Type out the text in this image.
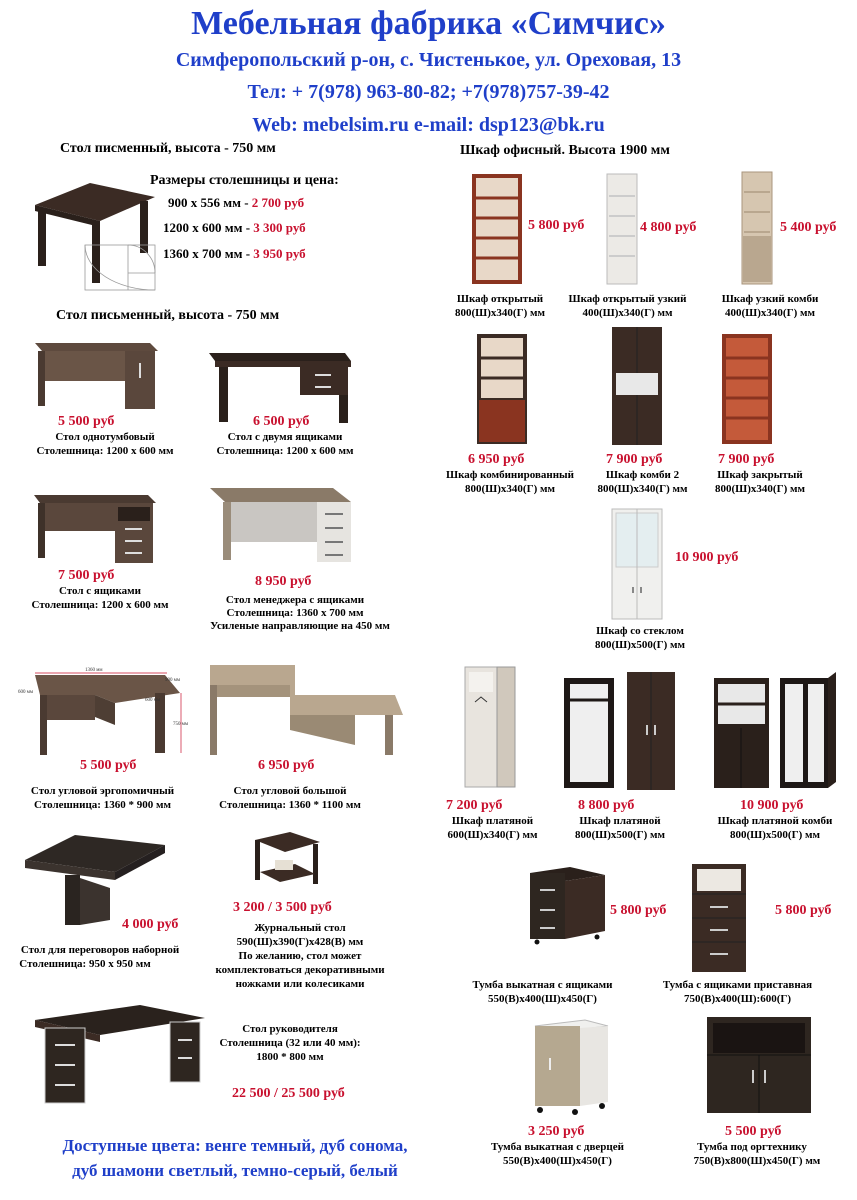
Мебельная фабрика «Симчис»
Симферопольский р-он, с. Чистенькое, ул. Ореховая, 13
Тел: + 7(978) 963-80-82; +7(978)757-39-42
Web: mebelsim.ru e-mail: dsp123@bk.ru
Стол писменный, высота - 750 мм
Размеры столешницы и цена:
900 х 556 мм - 2 700 руб
1200 х 600 мм - 3 300 руб
1360 х 700 мм - 3 950 руб
Стол письменный, высота - 750 мм
5 500 руб
Стол однотумбовый
Столешница: 1200 х 600 мм
6 500 руб
Стол с двумя ящиками
Столешница: 1200 х 600 мм
7 500 руб
Стол с ящиками
Столешница: 1200 х 600 мм
8 950 руб
Стол менеджера с ящиками
Столешница: 1360 х 700 мм
Усиленые направляющие на 450 мм
1360 мм
900 мм
600 мм
750 мм
600 мм
5 500 руб
Стол угловой эргопомичный
Столешница: 1360 * 900 мм
6 950 руб
Стол угловой большой
Столешница: 1360 * 1100 мм
4 000 руб
Стол для переговоров наборной
Столешница: 950 х 950 мм
3 200 / 3 500 руб
Журнальный стол
590(Ш)х390(Г)х428(В) мм
По желанию, стол может
комплектоваться декоративными
ножками или колесиками
Стол руководителя
Столешница (32 или 40 мм):
1800 * 800 мм
22 500 / 25 500 руб
Шкаф офисный. Высота 1900 мм
5 800 руб
Шкаф открытый
800(Ш)х340(Г) мм
4 800 руб
Шкаф открытый узкий
400(Ш)х340(Г) мм
5 400 руб
Шкаф узкий комби
400(Ш)х340(Г) мм
6 950 руб
Шкаф комбинированный
800(Ш)х340(Г) мм
7 900 руб
Шкаф комби 2
800(Ш)х340(Г) мм
7 900 руб
Шкаф закрытый
800(Ш)х340(Г) мм
10 900 руб
Шкаф со стеклом
800(Ш)х500(Г) мм
7 200 руб
Шкаф платяной
600(Ш)х340(Г) мм
8 800 руб
Шкаф платяной
800(Ш)х500(Г) мм
10 900 руб
Шкаф платяной комби
800(Ш)х500(Г) мм
5 800 руб
Тумба выкатная с ящиками
550(В)х400(Ш)х450(Г)
5 800 руб
Тумба с ящиками приставная
750(В)х400(Ш):600(Г)
3 250 руб
Тумба выкатная с дверцей
550(В)х400(Ш)х450(Г)
5 500 руб
Тумба под оргтехнику
750(В)х800(Ш)х450(Г) мм
Доступные цвета: венге темный, дуб сонома,
дуб шамони светлый, темно-серый, белый
